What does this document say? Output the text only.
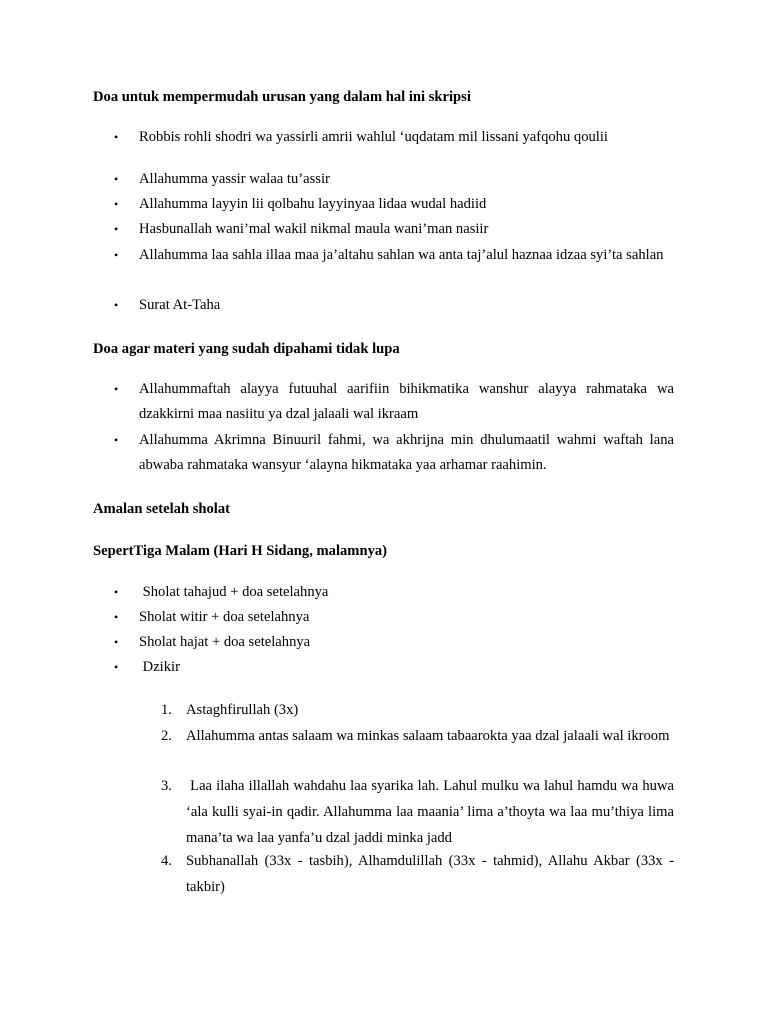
Doa untuk mempermudah urusan yang dalam hal ini skripsi
• Robbis rohli shodri wa yassirli amrii wahlul ‘uqdatam mil lissani yafqohu qoulii
• Allahumma yassir walaa tu’assir
• Allahumma layyin lii qolbahu layyinyaa lidaa wudal hadiid
• Hasbunallah wani’mal wakil nikmal maula wani’man nasiir
• Allahumma laa sahla illaa maa ja’altahu sahlan wa anta taj’alul haznaa idzaa syi’ta sahlan
• Surat At-Taha
Doa agar materi yang sudah dipahami tidak lupa
• Allahummaftah alayya futuuhal aarifiin bihikmatika wanshur alayya rahmataka wa dzakkirni maa nasiitu ya dzal jalaali wal ikraam
• Allahumma Akrimna Binuuril fahmi, wa akhrijna min dhulumaatil wahmi waftah lana abwaba rahmataka wansyur ‘alayna hikmataka yaa arhamar raahimin.
Amalan setelah sholat
SepertTiga Malam (Hari H Sidang, malamnya)
• Sholat tahajud + doa setelahnya
• Sholat witir + doa setelahnya
• Sholat hajat + doa setelahnya
• Dzikir
1. Astaghfirullah (3x)
2. Allahumma antas salaam wa minkas salaam tabaarokta yaa dzal jalaali wal ikroom
3. Laa ilaha illallah wahdahu laa syarika lah. Lahul mulku wa lahul hamdu wa huwa ‘ala kulli syai-in qadir. Allahumma laa maania’ lima a’thoyta wa laa mu’thiya lima mana’ta wa laa yanfa’u dzal jaddi minka jadd
4. Subhanallah (33x - tasbih), Alhamdulillah (33x - tahmid), Allahu Akbar (33x - takbir)
